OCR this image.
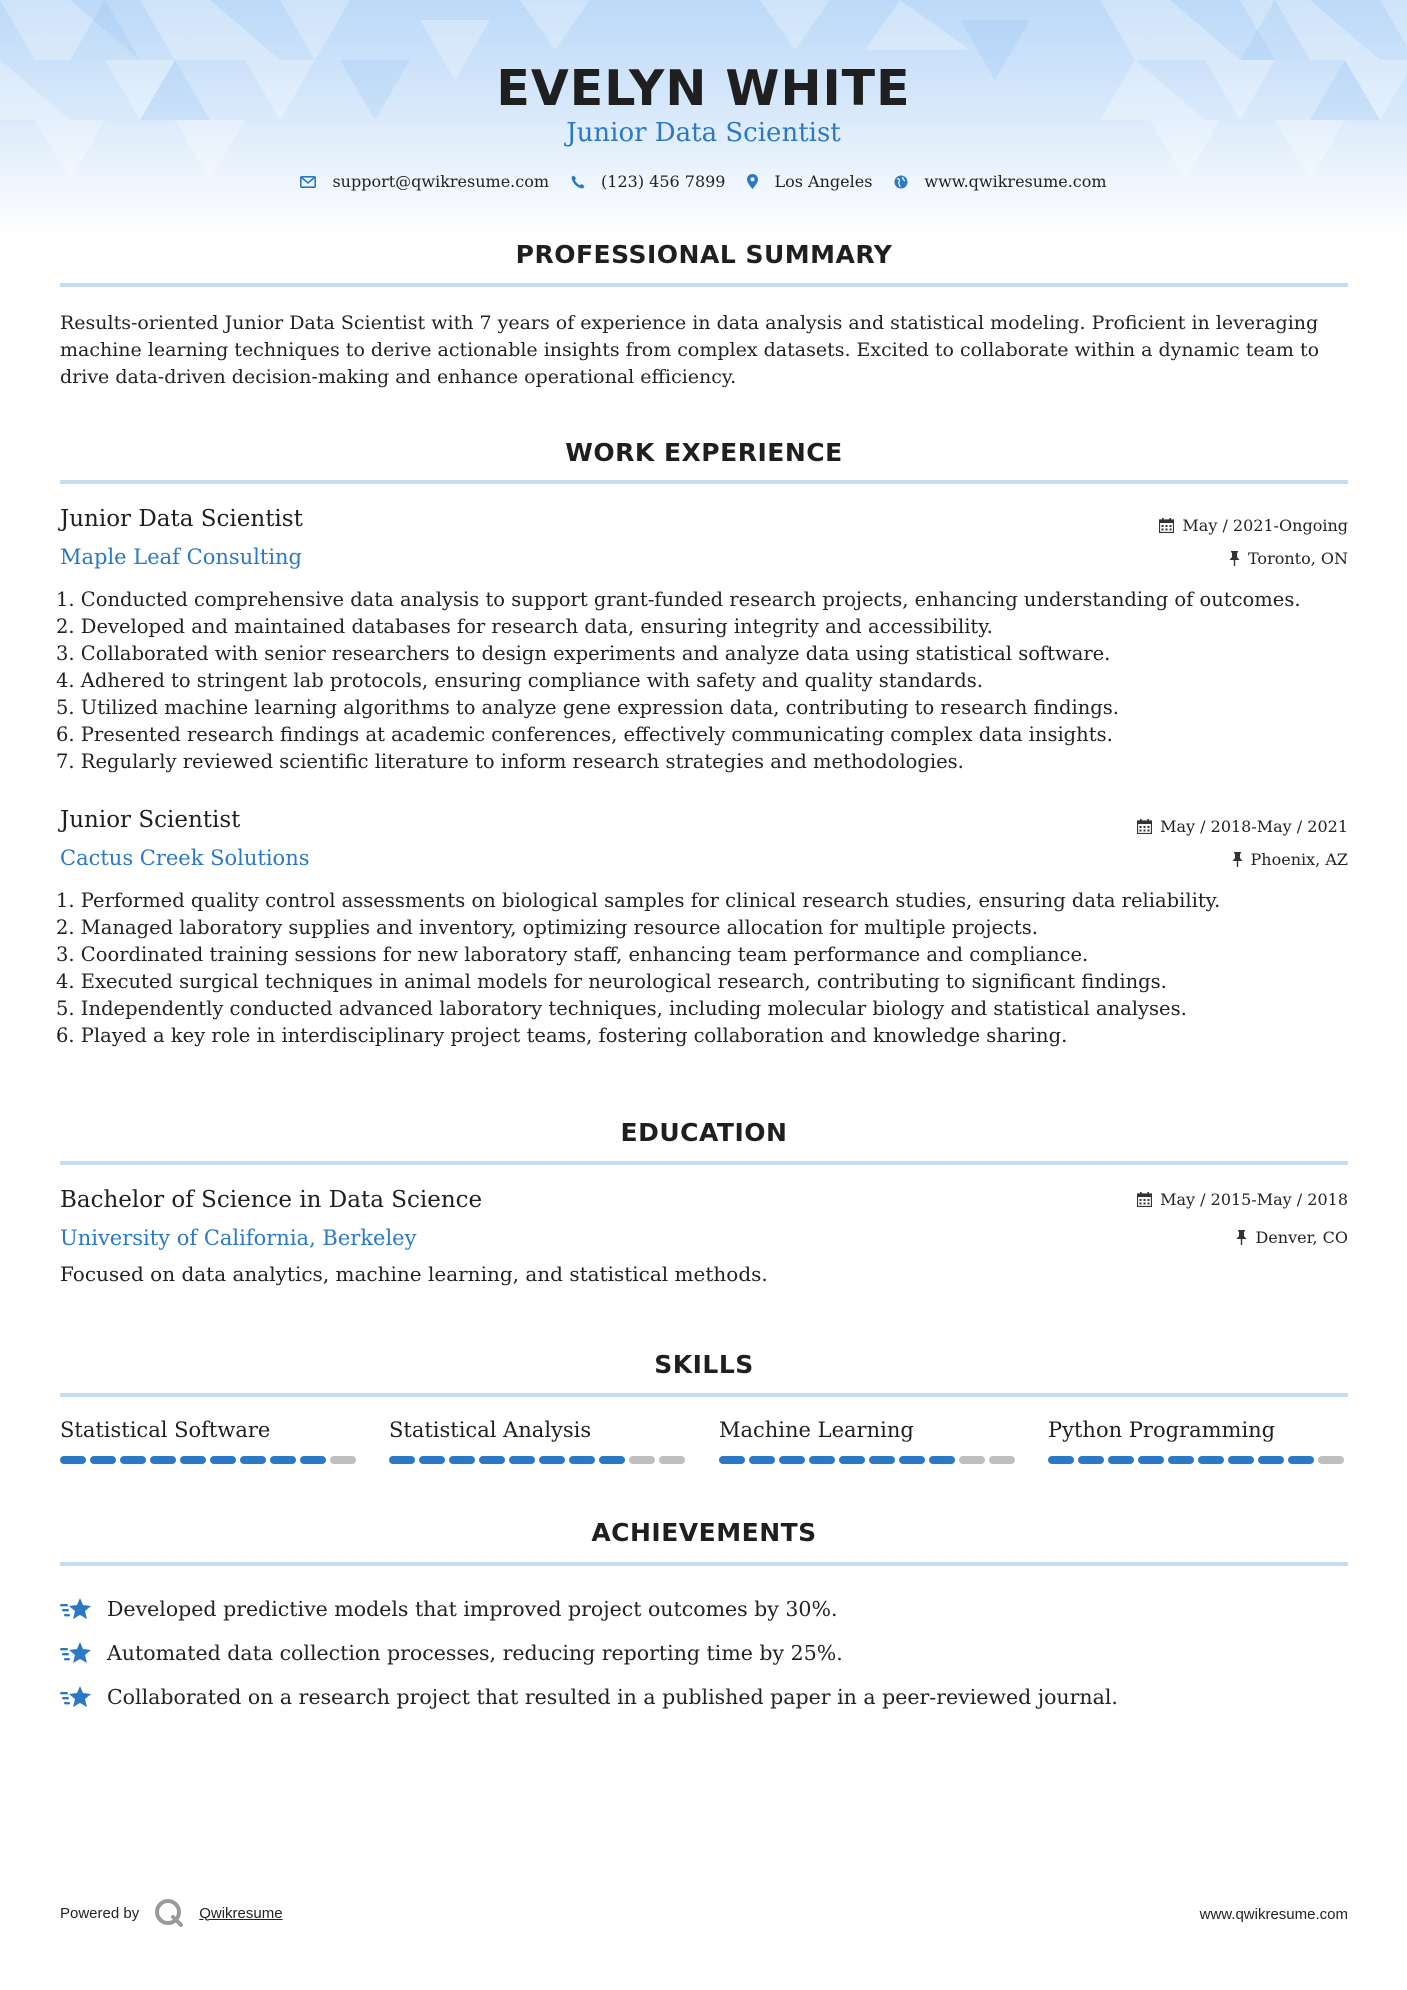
EVELYN WHITE
Junior Data Scientist
support@qwikresume.com	(123) 456 7899	Los Angeles	www.qwikresume.com
PROFESSIONAL SUMMARY

Results-oriented Junior Data Scientist with 7 years of experience in data analysis and statistical modeling. Proficient in leveraging machine learning techniques to derive actionable insights from complex datasets. Excited to collaborate within a dynamic team to drive data-driven decision-making and enhance operational efficiency.

WORK EXPERIENCE
Junior Data Scientist	May / 2021-Ongoing
Maple Leaf Consulting	Toronto, ON
1. Conducted comprehensive data analysis to support grant-funded research projects, enhancing understanding of outcomes.
2. Developed and maintained databases for research data, ensuring integrity and accessibility.
3. Collaborated with senior researchers to design experiments and analyze data using statistical software.
4. Adhered to stringent lab protocols, ensuring compliance with safety and quality standards.
5. Utilized machine learning algorithms to analyze gene expression data, contributing to research findings.
6. Presented research findings at academic conferences, effectively communicating complex data insights.
7. Regularly reviewed scientific literature to inform research strategies and methodologies.
Junior Scientist	May / 2018-May / 2021
Cactus Creek Solutions	Phoenix, AZ
1. Performed quality control assessments on biological samples for clinical research studies, ensuring data reliability.
2. Managed laboratory supplies and inventory, optimizing resource allocation for multiple projects.
3. Coordinated training sessions for new laboratory staff, enhancing team performance and compliance.
4. Executed surgical techniques in animal models for neurological research, contributing to significant findings.
5. Independently conducted advanced laboratory techniques, including molecular biology and statistical analyses.
6. Played a key role in interdisciplinary project teams, fostering collaboration and knowledge sharing.
EDUCATION
Bachelor of Science in Data Science	May / 2015-May / 2018
University of California, Berkeley	Denver, CO
Focused on data analytics, machine learning, and statistical methods.
SKILLS
Statistical Software	Statistical Analysis	Machine Learning	Python Programming
ACHIEVEMENTS
Developed predictive models that improved project outcomes by 30%.
Automated data collection processes, reducing reporting time by 25%.
Collaborated on a research project that resulted in a published paper in a peer-reviewed journal.
Powered by	Qwikresume	www.qwikresume.com
